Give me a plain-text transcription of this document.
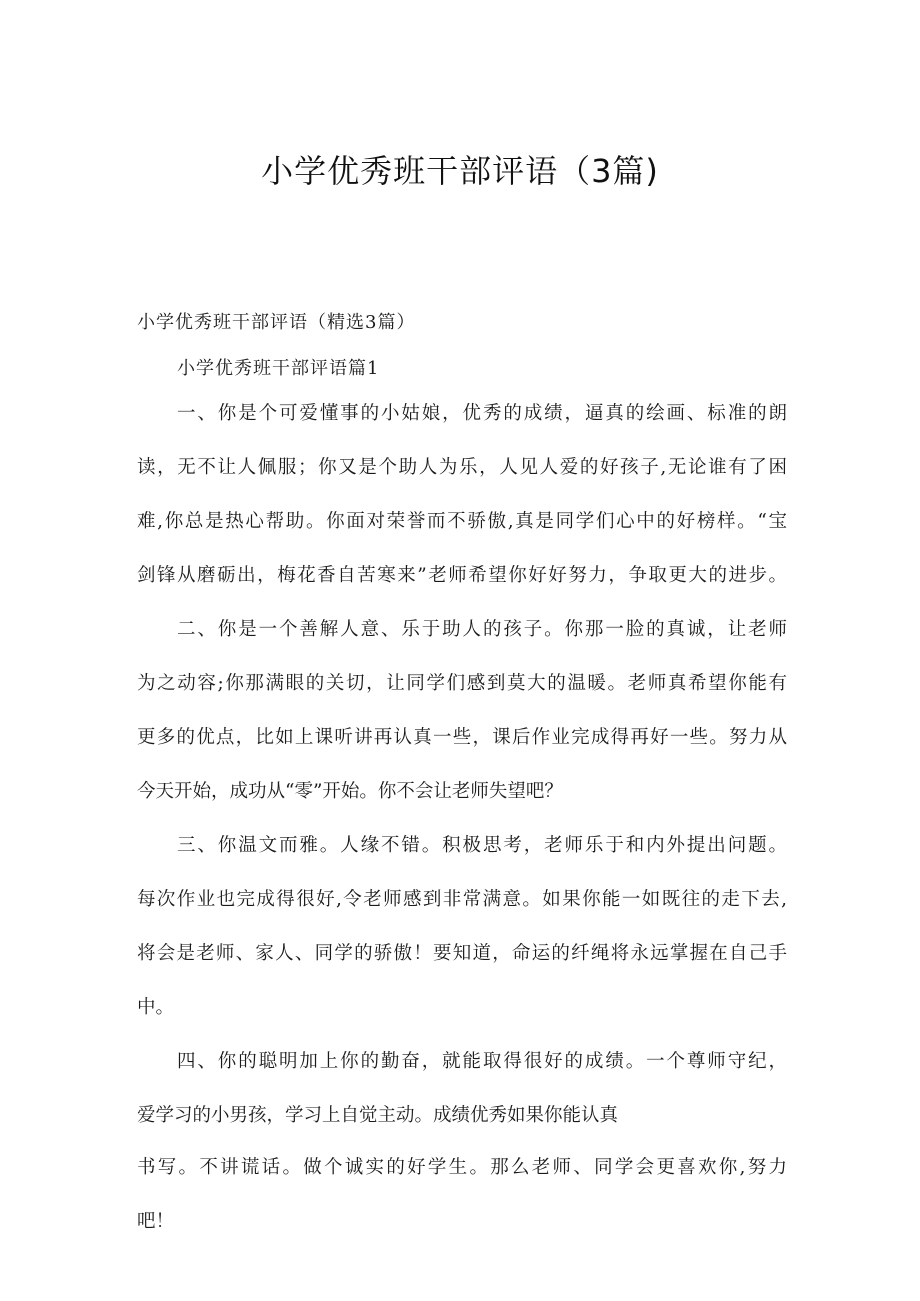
小学优秀班干部评语（3篇)

小学优秀班干部评语（精选3篇）

小学优秀班干部评语篇1

一、你是个可爱懂事的小姑娘，优秀的成绩，逼真的绘画、标准的朗
读，无不让人佩服；你又是个助人为乐，人见人爱的好孩子,无论谁有了困
难,你总是热心帮助。你面对荣誉而不骄傲,真是同学们心中的好榜样。“宝
剑锋从磨砺出，梅花香自苦寒来”老师希望你好好努力，争取更大的进步。
二、你是一个善解人意、乐于助人的孩子。你那一脸的真诚，让老师
为之动容;你那满眼的关切，让同学们感到莫大的温暖。老师真希望你能有
更多的优点，比如上课听讲再认真一些，课后作业完成得再好一些。努力从
今天开始，成功从“零”开始。你不会让老师失望吧？
三、你温文而雅。人缘不错。积极思考，老师乐于和内外提出问题。
每次作业也完成得很好,令老师感到非常满意。如果你能一如既往的走下去,
将会是老师、家人、同学的骄傲！要知道，命运的纤绳将永远掌握在自己手
中。
四、你的聪明加上你的勤奋，就能取得很好的成绩。一个尊师守纪，
爱学习的小男孩，学习上自觉主动。成绩优秀如果你能认真
书写。不讲谎话。做个诚实的好学生。那么老师、同学会更喜欢你,努力
吧！
